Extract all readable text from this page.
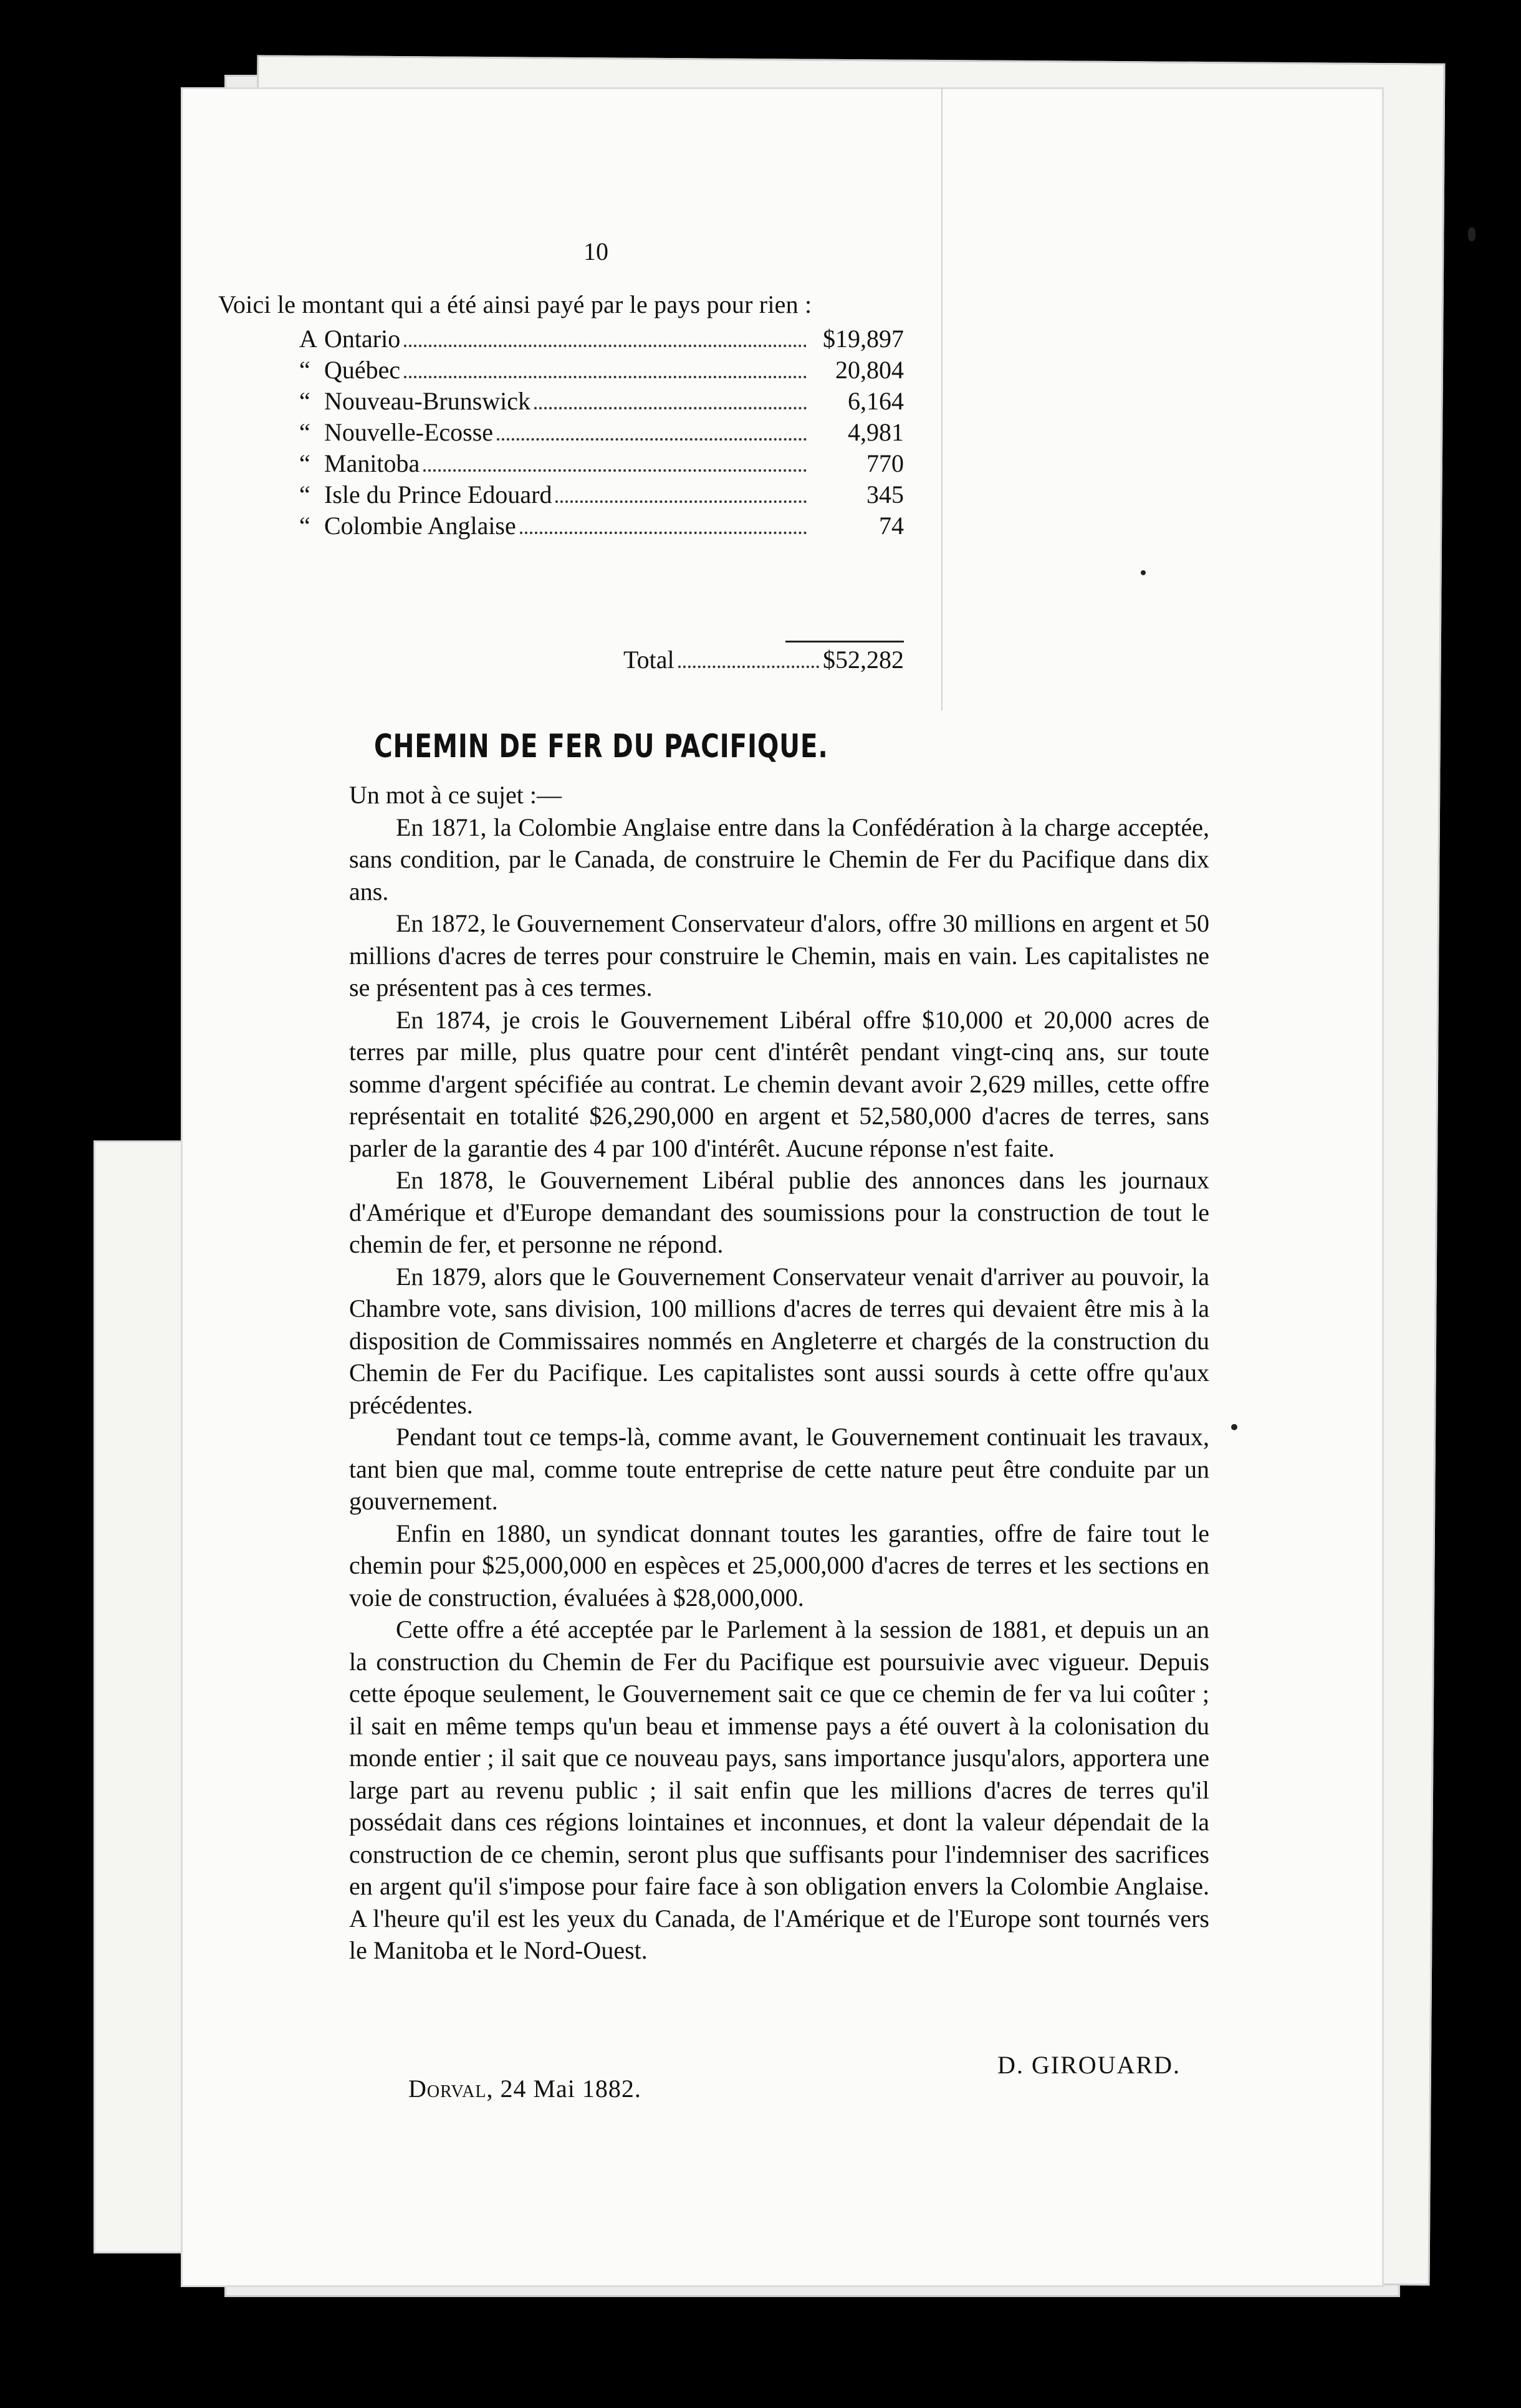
10
Voici le montant qui a été ainsi payé par le pays pour rien :
A Ontario	$19,897
“ Québec	20,804
“ Nouveau-Brunswick	6,164
“ Nouvelle-Ecosse	4,981
“ Manitoba	770
“ Isle du Prince Edouard	345
“ Colombie Anglaise	74
Total	$52,282
CHEMIN DE FER DU PACIFIQUE.

Un mot à ce sujet :—

En 1871, la Colombie Anglaise entre dans la Confédération à la charge acceptée, sans condition, par le Canada, de construire le Chemin de Fer du Pacifique dans dix ans.

En 1872, le Gouvernement Conservateur d'alors, offre 30 millions en argent et 50 millions d'acres de terres pour construire le Chemin, mais en vain. Les capitalistes ne se présentent pas à ces termes.

En 1874, je crois le Gouvernement Libéral offre $10,000 et 20,000 acres de terres par mille, plus quatre pour cent d'intérêt pendant vingt-cinq ans, sur toute somme d'argent spécifiée au contrat. Le chemin devant avoir 2,629 milles, cette offre représentait en totalité $26,290,000 en argent et 52,580,000 d'acres de terres, sans parler de la garantie des 4 par 100 d'intérêt. Aucune réponse n'est faite.

En 1878, le Gouvernement Libéral publie des annonces dans les journaux d'Amérique et d'Europe demandant des soumissions pour la construction de tout le chemin de fer, et personne ne répond.

En 1879, alors que le Gouvernement Conservateur venait d'arriver au pouvoir, la Chambre vote, sans division, 100 millions d'acres de terres qui devaient être mis à la disposition de Commissaires nommés en Angleterre et chargés de la construction du Chemin de Fer du Pacifique. Les capitalistes sont aussi sourds à cette offre qu'aux précédentes.

Pendant tout ce temps-là, comme avant, le Gouvernement continuait les travaux, tant bien que mal, comme toute entreprise de cette nature peut être conduite par un gouvernement.

Enfin en 1880, un syndicat donnant toutes les garanties, offre de faire tout le chemin pour $25,000,000 en espèces et 25,000,000 d'acres de terres et les sections en voie de construction, évaluées à $28,000,000.

Cette offre a été acceptée par le Parlement à la session de 1881, et depuis un an la construction du Chemin de Fer du Pacifique est poursuivie avec vigueur. Depuis cette époque seulement, le Gouvernement sait ce que ce chemin de fer va lui coûter ; il sait en même temps qu'un beau et immense pays a été ouvert à la colonisation du monde entier ; il sait que ce nouveau pays, sans importance jusqu'alors, apportera une large part au revenu public ; il sait enfin que les millions d'acres de terres qu'il possédait dans ces régions lointaines et inconnues, et dont la valeur dépendait de la construction de ce chemin, seront plus que suffisants pour l'indemniser des sacrifices en argent qu'il s'impose pour faire face à son obligation envers la Colombie Anglaise. A l'heure qu'il est les yeux du Canada, de l'Amérique et de l'Europe sont tournés vers le Manitoba et le Nord-Ouest.

D. GIROUARD.
Dorval, 24 Mai 1882.
